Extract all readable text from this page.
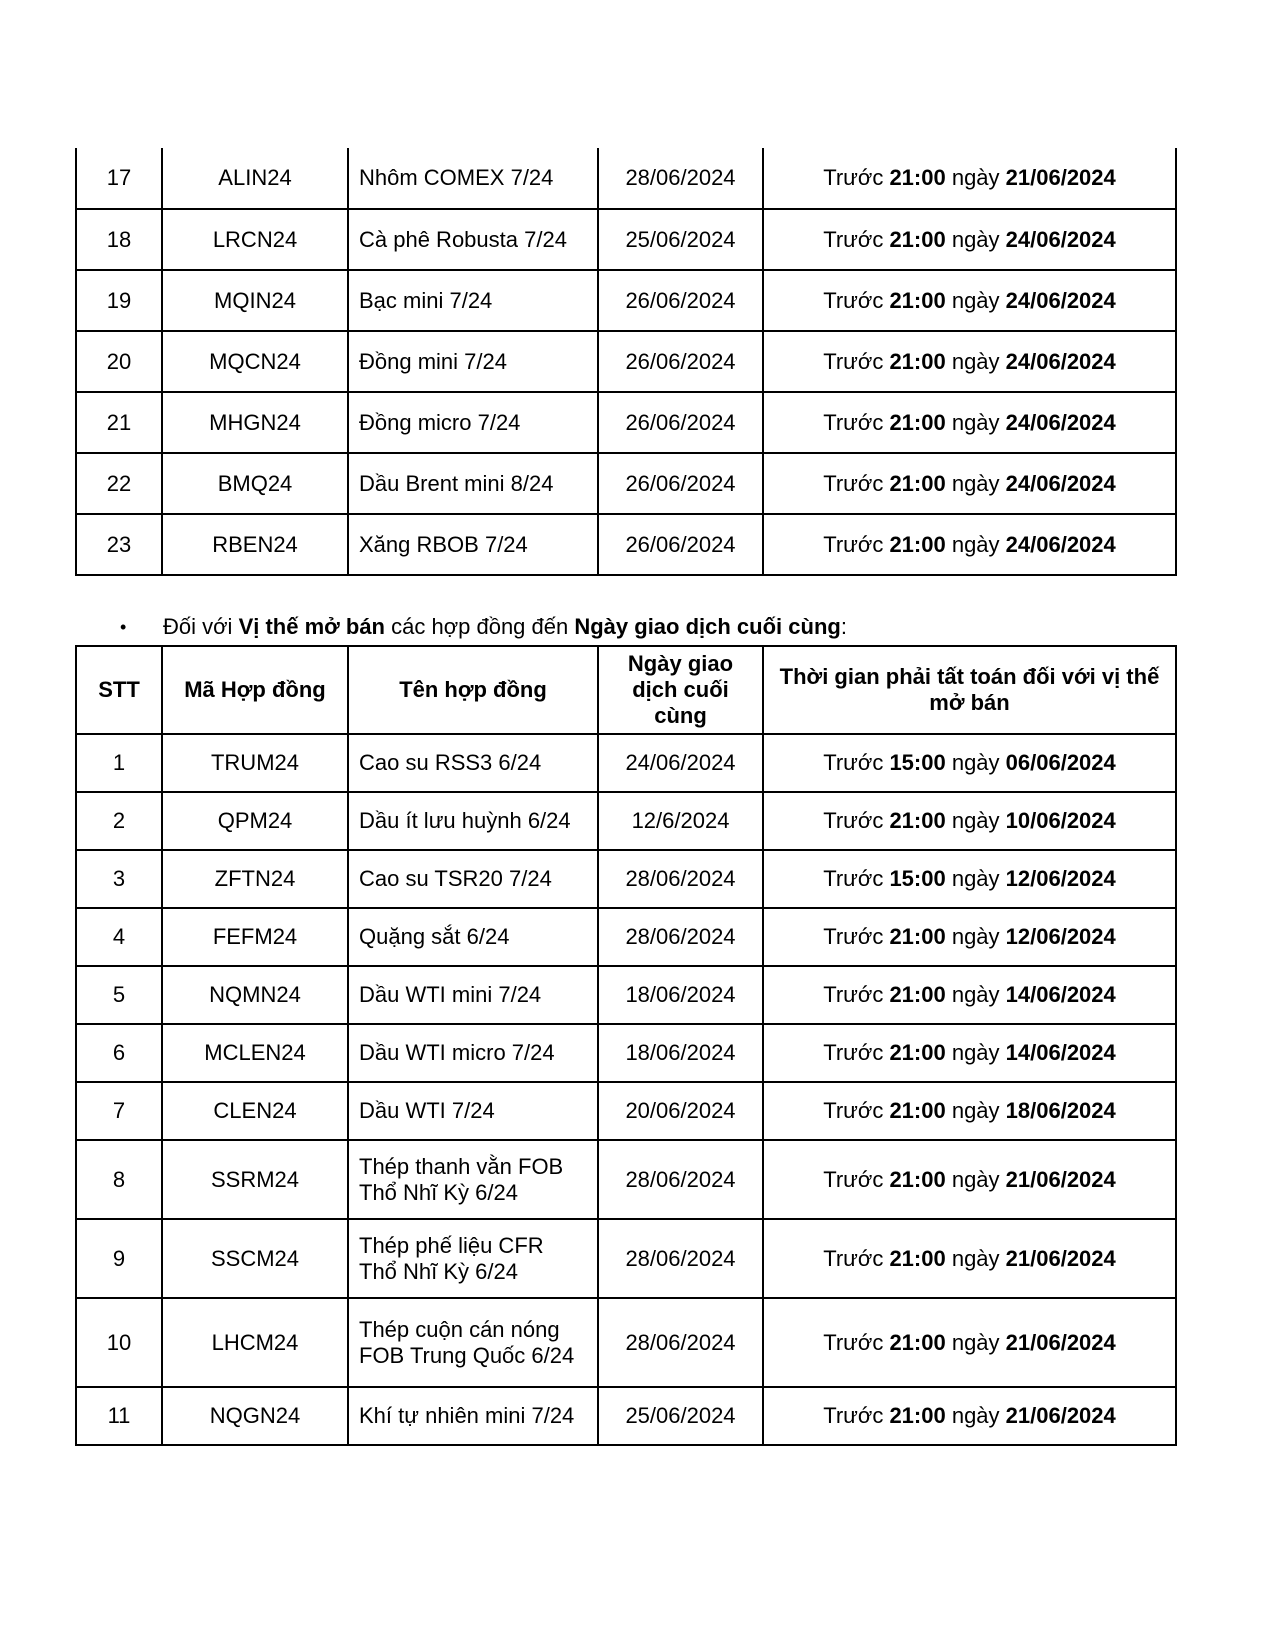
17	ALIN24	Nhôm COMEX 7/24	28/06/2024	Trước 21:00 ngày 21/06/2024
18	LRCN24	Cà phê Robusta 7/24	25/06/2024	Trước 21:00 ngày 24/06/2024
19	MQIN24	Bạc mini 7/24	26/06/2024	Trước 21:00 ngày 24/06/2024
20	MQCN24	Đồng mini 7/24	26/06/2024	Trước 21:00 ngày 24/06/2024
21	MHGN24	Đồng micro 7/24	26/06/2024	Trước 21:00 ngày 24/06/2024
22	BMQ24	Dầu Brent mini 8/24	26/06/2024	Trước 21:00 ngày 24/06/2024
23	RBEN24	Xăng RBOB 7/24	26/06/2024	Trước 21:00 ngày 24/06/2024
• Đối với Vị thế mở bán các hợp đồng đến Ngày giao dịch cuối cùng:
STT	Mã Hợp đồng	Tên hợp đồng	Ngày giao dịch cuối cùng	Thời gian phải tất toán đối với vị thế mở bán
1	TRUM24	Cao su RSS3 6/24	24/06/2024	Trước 15:00 ngày 06/06/2024
2	QPM24	Dầu ít lưu huỳnh 6/24	12/6/2024	Trước 21:00 ngày 10/06/2024
3	ZFTN24	Cao su TSR20 7/24	28/06/2024	Trước 15:00 ngày 12/06/2024
4	FEFM24	Quặng sắt 6/24	28/06/2024	Trước 21:00 ngày 12/06/2024
5	NQMN24	Dầu WTI mini 7/24	18/06/2024	Trước 21:00 ngày 14/06/2024
6	MCLEN24	Dầu WTI micro 7/24	18/06/2024	Trước 21:00 ngày 14/06/2024
7	CLEN24	Dầu WTI 7/24	20/06/2024	Trước 21:00 ngày 18/06/2024
8	SSRM24	Thép thanh vằn FOB Thổ Nhĩ Kỳ 6/24	28/06/2024	Trước 21:00 ngày 21/06/2024
9	SSCM24	Thép phế liệu CFR Thổ Nhĩ Kỳ 6/24	28/06/2024	Trước 21:00 ngày 21/06/2024
10	LHCM24	Thép cuộn cán nóng FOB Trung Quốc 6/24	28/06/2024	Trước 21:00 ngày 21/06/2024
11	NQGN24	Khí tự nhiên mini 7/24	25/06/2024	Trước 21:00 ngày 21/06/2024
